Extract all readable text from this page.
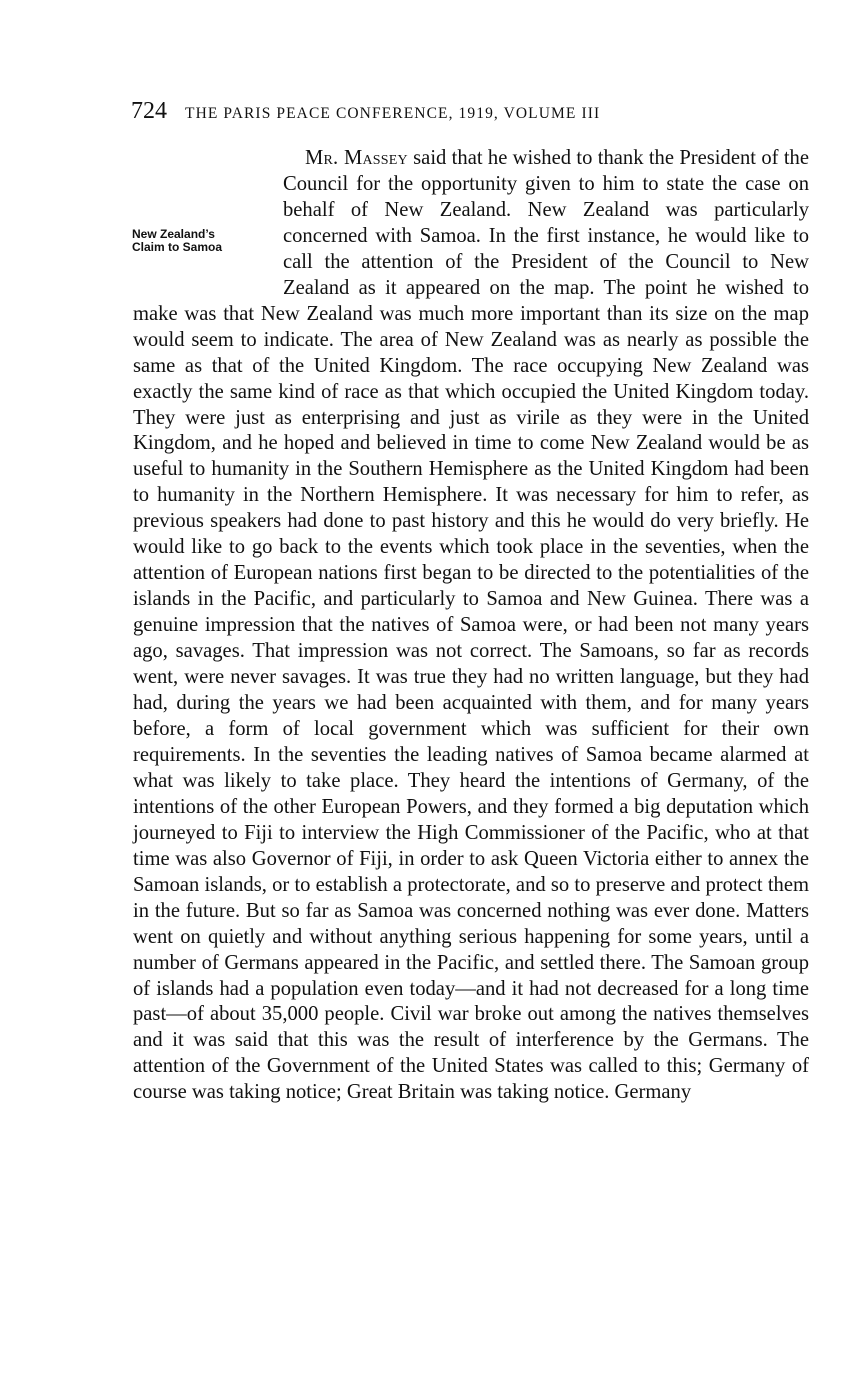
724 THE PARIS PEACE CONFERENCE, 1919, VOLUME III
New Zealand’s
Claim to Samoa

Mr. Massey said that he wished to thank the President of the Council for the opportunity given to him to state the case on behalf of New Zealand. New Zealand was particularly concerned with Samoa. In the first instance, he would like to call the attention of the President of the Council to New Zealand as it appeared on the map. The point he wished to make was that New Zealand was much more important than its size on the map would seem to indicate. The area of New Zealand was as nearly as possible the same as that of the United Kingdom. The race occupying New Zealand was exactly the same kind of race as that which occupied the United Kingdom today. They were just as enterprising and just as virile as they were in the United Kingdom, and he hoped and believed in time to come New Zealand would be as useful to humanity in the Southern Hemisphere as the United Kingdom had been to humanity in the Northern Hemisphere. It was necessary for him to refer, as previous speakers had done to past history and this he would do very briefly. He would like to go back to the events which took place in the seventies, when the attention of European nations first began to be directed to the potentialities of the islands in the Pacific, and particularly to Samoa and New Guinea. There was a genuine impression that the natives of Samoa were, or had been not many years ago, savages. That impression was not correct. The Samoans, so far as records went, were never savages. It was true they had no written language, but they had had, during the years we had been acquainted with them, and for many years before, a form of local government which was sufficient for their own requirements. In the seventies the leading natives of Samoa became alarmed at what was likely to take place. They heard the intentions of Germany, of the intentions of the other European Powers, and they formed a big deputation which journeyed to Fiji to interview the High Commissioner of the Pacific, who at that time was also Governor of Fiji, in order to ask Queen Victoria either to annex the Samoan islands, or to establish a protectorate, and so to preserve and protect them in the future. But so far as Samoa was concerned nothing was ever done. Matters went on quietly and without anything serious happening for some years, until a number of Germans appeared in the Pacific, and settled there. The Samoan group of islands had a population even today—and it had not decreased for a long time past—of about 35,000 people. Civil war broke out among the natives themselves and it was said that this was the result of interference by the Germans. The attention of the Government of the United States was called to this; Germany of course was taking notice; Great Britain was taking notice. Germany
